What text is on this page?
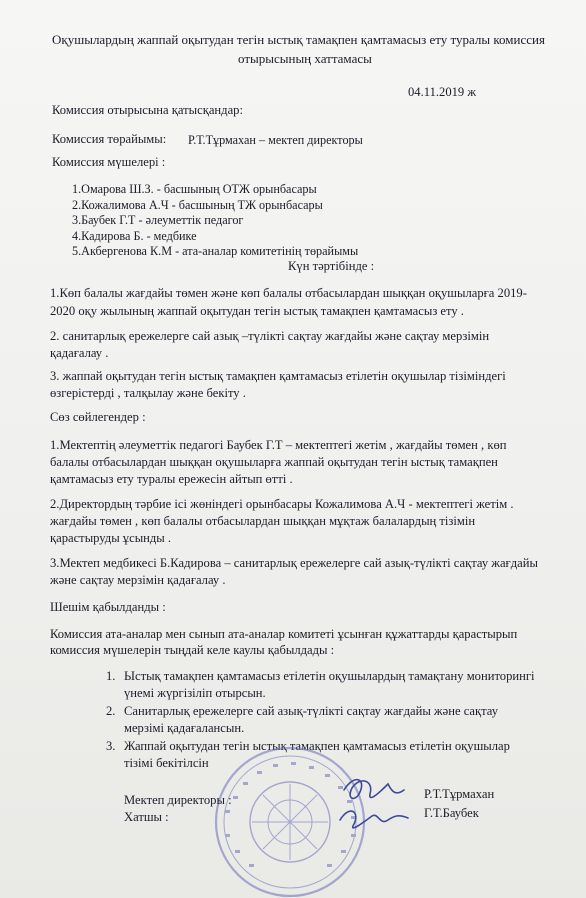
Оқушылардың жаппай оқытудан тегін ыстық тамақпен қамтамасыз ету туралы комиссия
отырысының хаттамасы
04.11.2019 ж
Комиссия отырысына қатысқандар:
Комиссия төрайымы: Р.Т.Тұрмахан – мектеп директоры
Комиссия мүшелері :
1.Омарова Ш.З. - басшының ОТЖ орынбасары
2.Кожалимова А.Ч - басшының ТЖ орынбасары
3.Баубек Г.Т - әлеуметтік педагог
4.Кадирова Б. - медбике
5.Акбергенова К.М - ата-аналар комитетінің төрайымы
Күн тәртібінде :
1.Көп балалы жағдайы төмен және көп балалы отбасылардан шыққан оқушыларға 2019-
2020 оқу жылының жаппай оқытудан тегін ыстық тамақпен қамтамасыз ету .
2. санитарлық ережелерге сай азық –түлікті сақтау жағдайы және сақтау мерзімін
қадағалау .
3. жаппай оқытудан тегін ыстық тамақпен қамтамасыз етілетін оқушылар тізіміндегі
өзгерістерді , талқылау және бекіту .
Сөз сөйлегендер :
1.Мектептің әлеуметтік педагогі Баубек Г.Т – мектептегі жетім , жағдайы төмен , көп
балалы отбасылардан шыққан оқушыларға жаппай оқытудан тегін ыстық тамақпен
қамтамасыз ету туралы ережесін айтып өтті .
2.Директордың тәрбие ісі жөніндегі орынбасары Кожалимова А.Ч - мектептегі жетім .
жағдайы төмен , көп балалы отбасылардан шыққан мұқтаж балалардың тізімін
қарастыруды ұсынды .
3.Мектеп медбикесі Б.Кадирова – санитарлық ережелерге сай азық-түлікті сақтау жағдайы
және сақтау мерзімін қадағалау .
Шешім қабылданды :
Комиссия ата-аналар мен сынып ата-аналар комитеті ұсынған құжаттарды қарастырып
комиссия мүшелерін тыңдай келе каулы қабылдады :
1. Ыстық тамақпен қамтамасыз етілетін оқушылардың тамақтану мониторингі
үнемі жүргізіліп отырсын.
2. Санитарлық ережелерге сай азық-түлікті сақтау жағдайы және сақтау
мерзімі қадағалансын.
3. Жаппай оқытудан тегін ыстық тамақпен қамтамасыз етілетін оқушылар
тізімі бекітілсін
Мектеп директоры :
Хатшы :
Р.Т.Тұрмахан
Г.Т.Баубек
